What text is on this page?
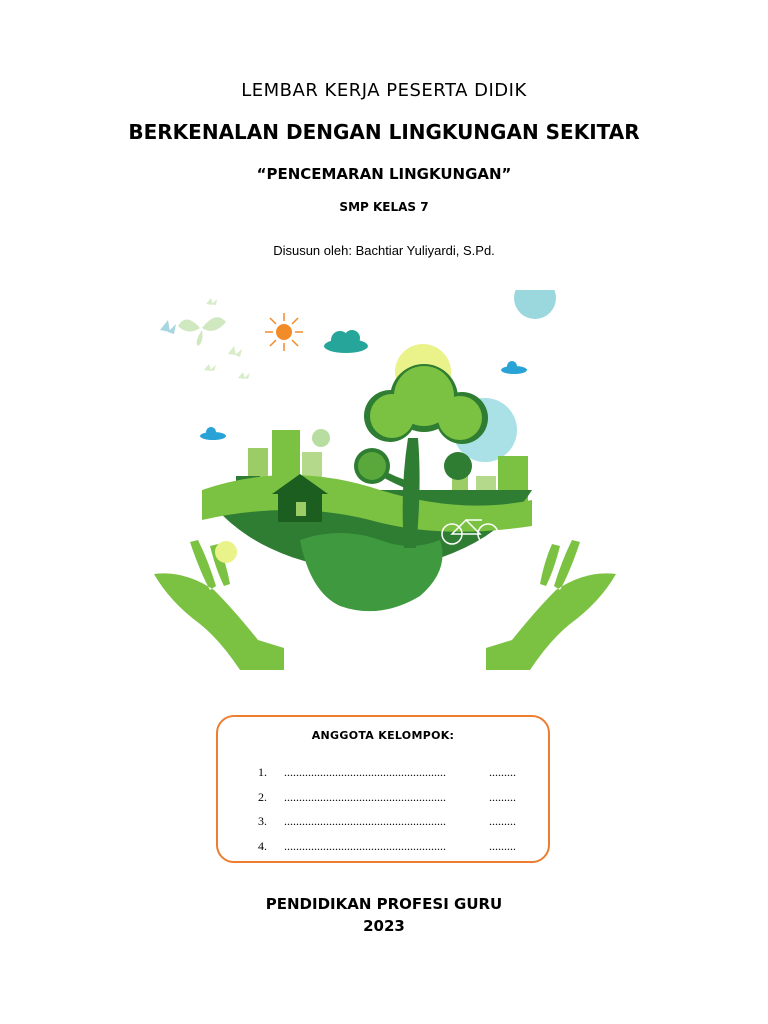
LEMBAR KERJA PESERTA DIDIK
BERKENALAN DENGAN LINGKUNGAN SEKITAR
“PENCEMARAN LINGKUNGAN”
SMP KELAS 7
Disusun oleh: Bachtiar Yuliyardi, S.Pd.
ANGGOTA KELOMPOK:
1. ......................................................	.........
2. ......................................................	.........
3. ......................................................	.........
4. ......................................................	.........
PENDIDIKAN PROFESI GURU
2023
